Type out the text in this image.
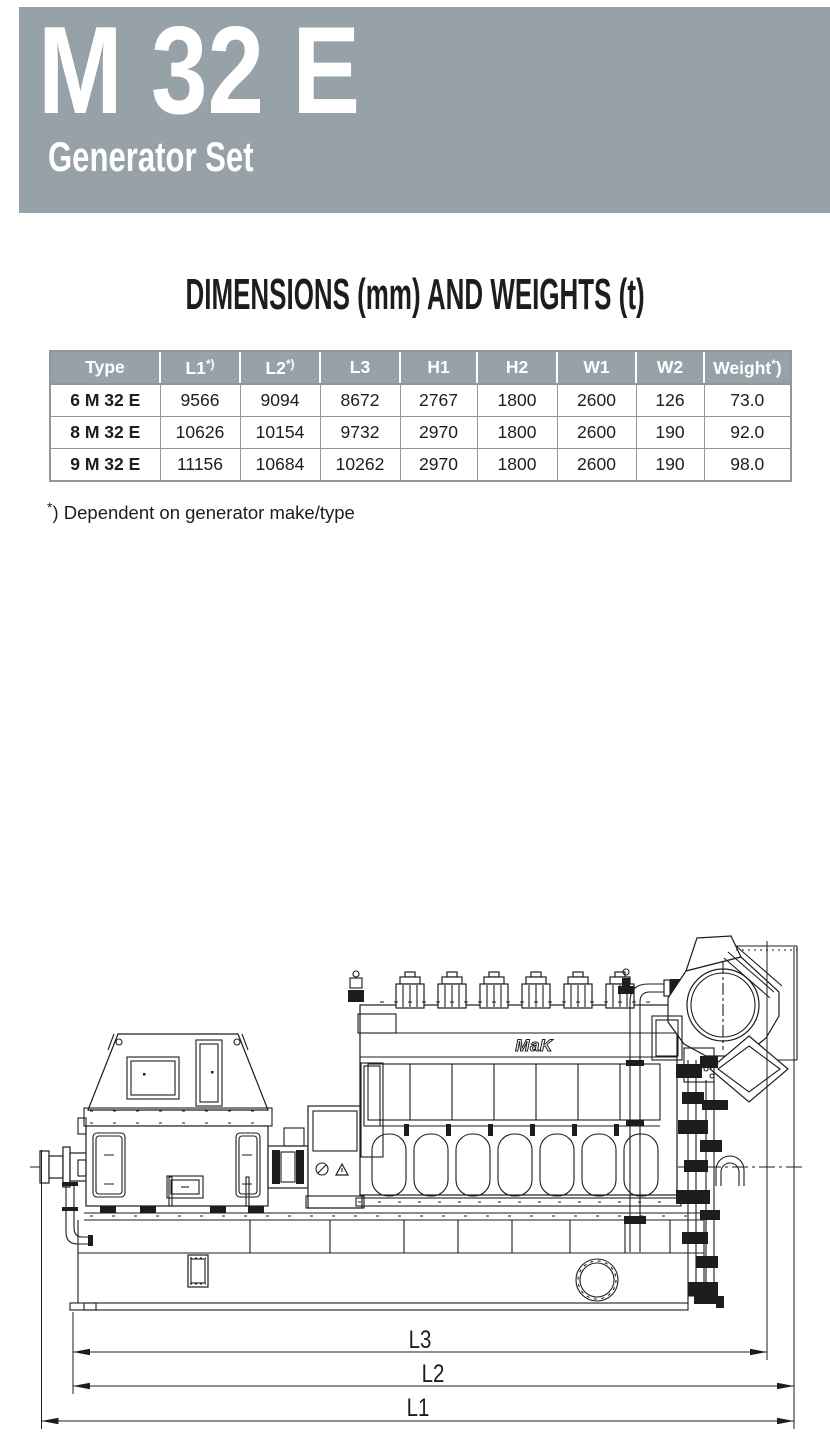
M 32 E
Generator Set
DIMENSIONS (mm) AND WEIGHTS (t)
Type	L1*)	L2*)	L3	H1	H2	W1	W2	Weight*)
6 M 32 E	9566	9094	8672	2767	1800	2600	126	73.0
8 M 32 E	10626	10154	9732	2970	1800	2600	190	92.0
9 M 32 E	11156	10684	10262	2970	1800	2600	190	98.0
*) Dependent on generator make/type
MaK
L3
L2
L1
